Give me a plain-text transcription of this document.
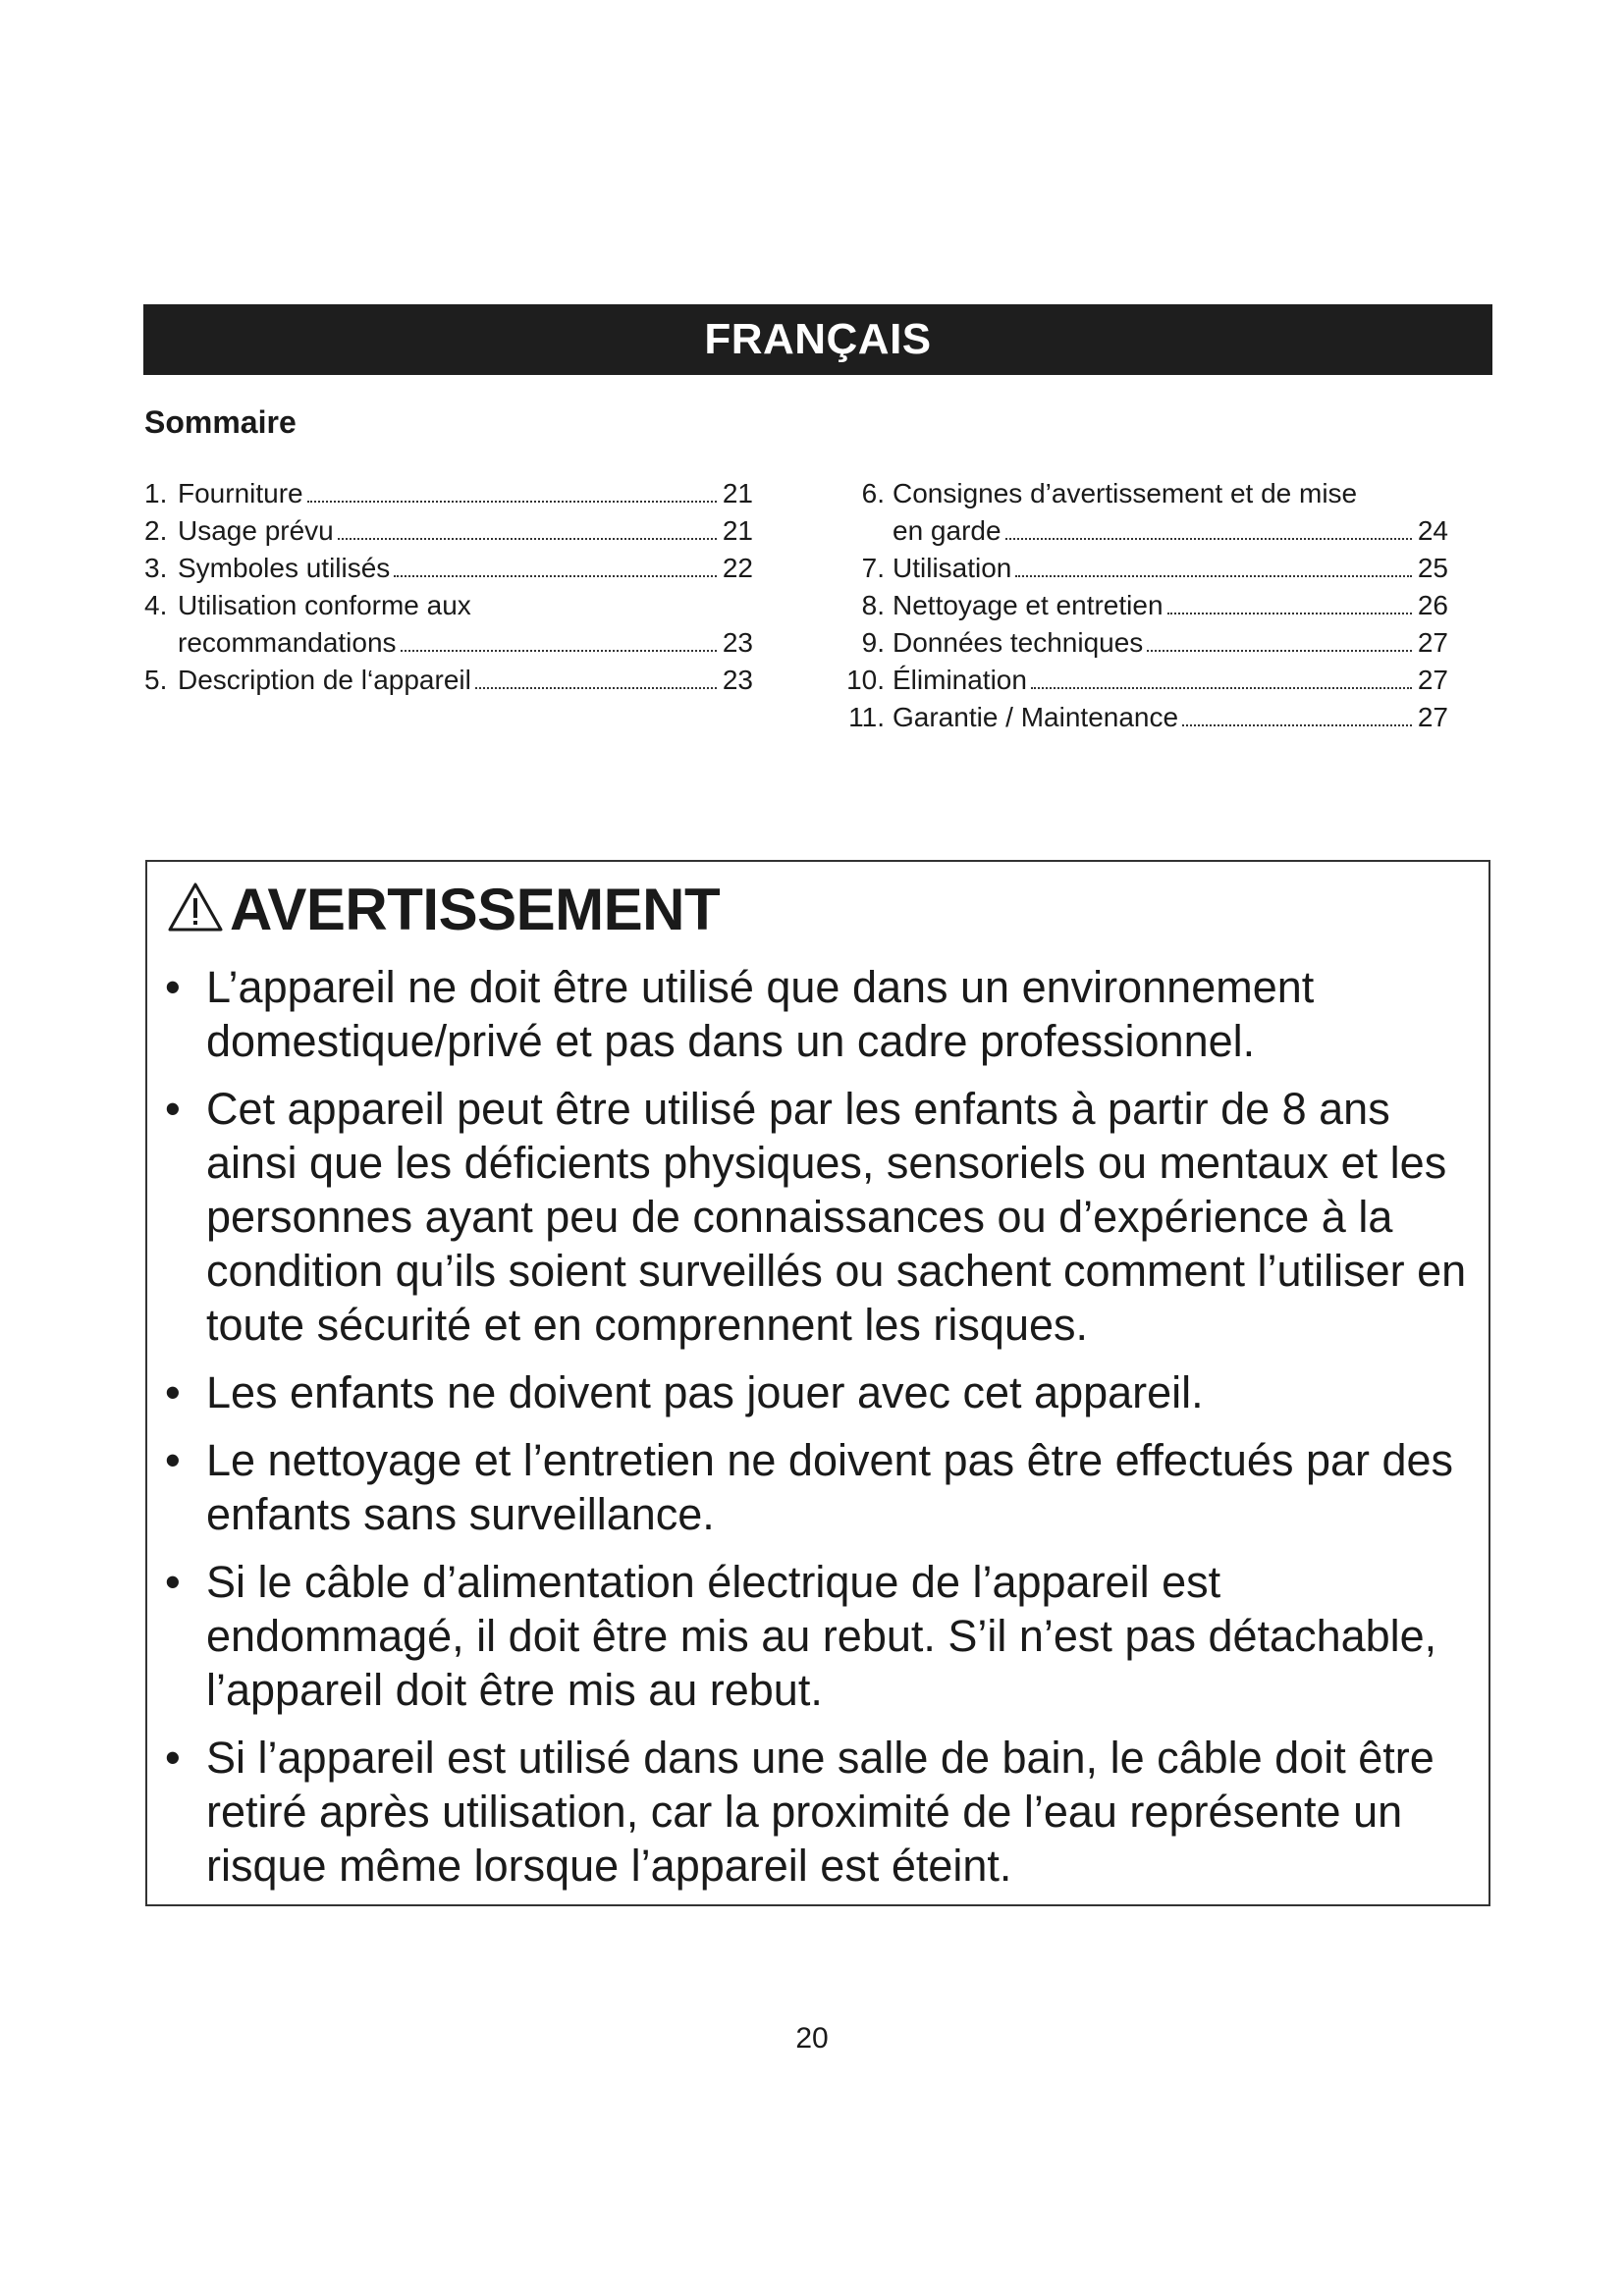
FRANÇAIS
Sommaire
1. Fourniture	21
2. Usage prévu	21
3. Symboles utilisés	22
4. Utilisation conforme aux
recommandations	23
5. Description de l‘appareil	23
6. Consignes d’avertissement et de mise
en garde	24
7. Utilisation	25
8. Nettoyage et entretien	26
9. Données techniques	27
10. Élimination	27
11. Garantie / Maintenance	27
AVERTISSEMENT
• L’appareil ne doit être utilisé que dans un environnement domestique/privé et pas dans un cadre professionnel.
• Cet appareil peut être utilisé par les enfants à partir de 8 ans ainsi que les déficients physiques, sensoriels ou mentaux et les personnes ayant peu de connaissances ou d’expérience à la condition qu’ils soient surveillés ou sachent comment l’utiliser en toute sécurité et en comprennent les risques.
• Les enfants ne doivent pas jouer avec cet appareil.
• Le nettoyage et l’entretien ne doivent pas être effectués par des enfants sans surveillance.
• Si le câble d’alimentation électrique de l’appareil est endommagé, il doit être mis au rebut. S’il n’est pas détachable, l’appareil doit être mis au rebut.
• Si l’appareil est utilisé dans une salle de bain, le câble doit être retiré après utilisation, car la proximité de l’eau représente un risque même lorsque l’appareil est éteint.
20
